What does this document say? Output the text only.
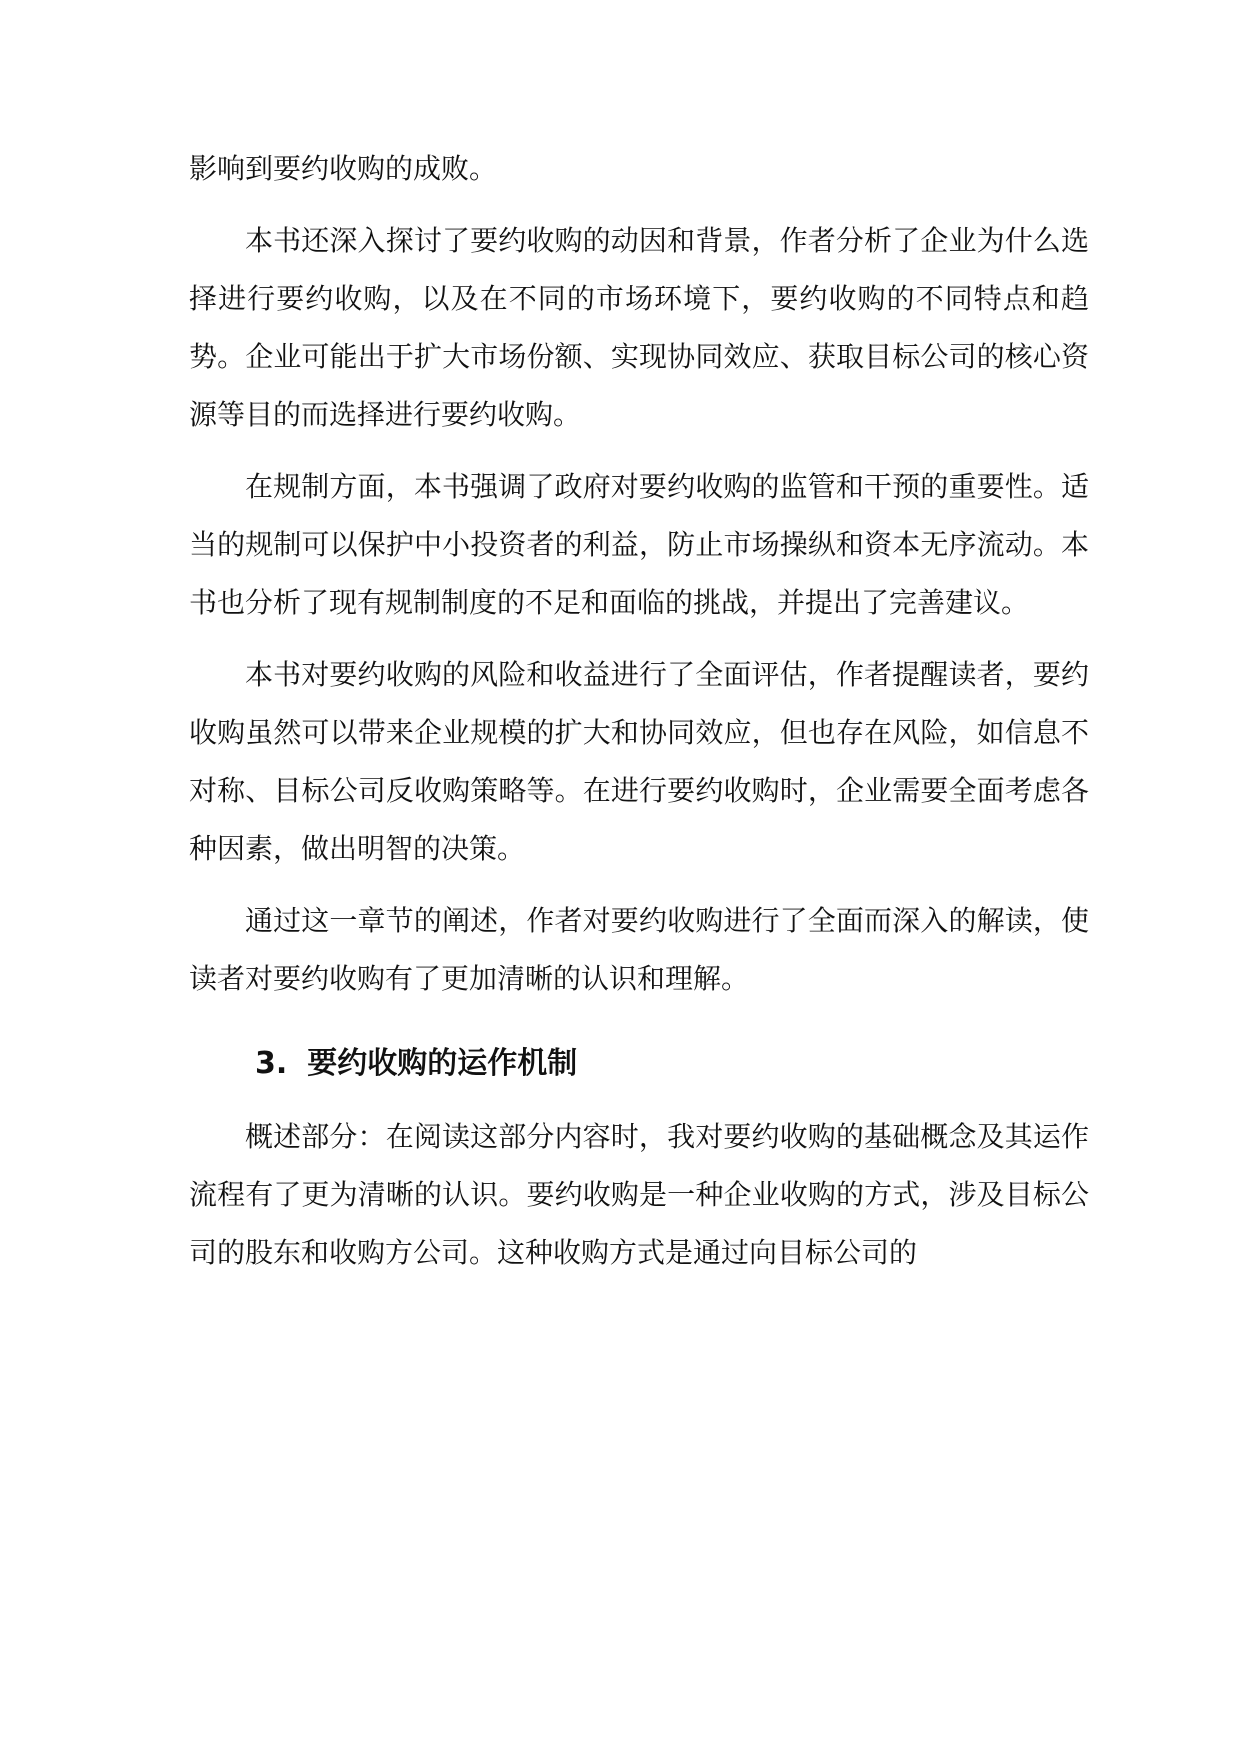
影响到要约收购的成败。

本书还深入探讨了要约收购的动因和背景，作者分析了企业为什么选择进行要约收购，以及在不同的市场环境下，要约收购的不同特点和趋势。企业可能出于扩大市场份额、实现协同效应、获取目标公司的核心资源等目的而选择进行要约收购。

在规制方面，本书强调了政府对要约收购的监管和干预的重要性。适当的规制可以保护中小投资者的利益，防止市场操纵和资本无序流动。本书也分析了现有规制制度的不足和面临的挑战，并提出了完善建议。

本书对要约收购的风险和收益进行了全面评估，作者提醒读者，要约收购虽然可以带来企业规模的扩大和协同效应，但也存在风险，如信息不对称、目标公司反收购策略等。在进行要约收购时，企业需要全面考虑各种因素，做出明智的决策。

通过这一章节的阐述，作者对要约收购进行了全面而深入的解读，使读者对要约收购有了更加清晰的认识和理解。

3. 要约收购的运作机制

概述部分：在阅读这部分内容时，我对要约收购的基础概念及其运作流程有了更为清晰的认识。要约收购是一种企业收购的方式，涉及目标公司的股东和收购方公司。这种收购方式是通过向目标公司的
